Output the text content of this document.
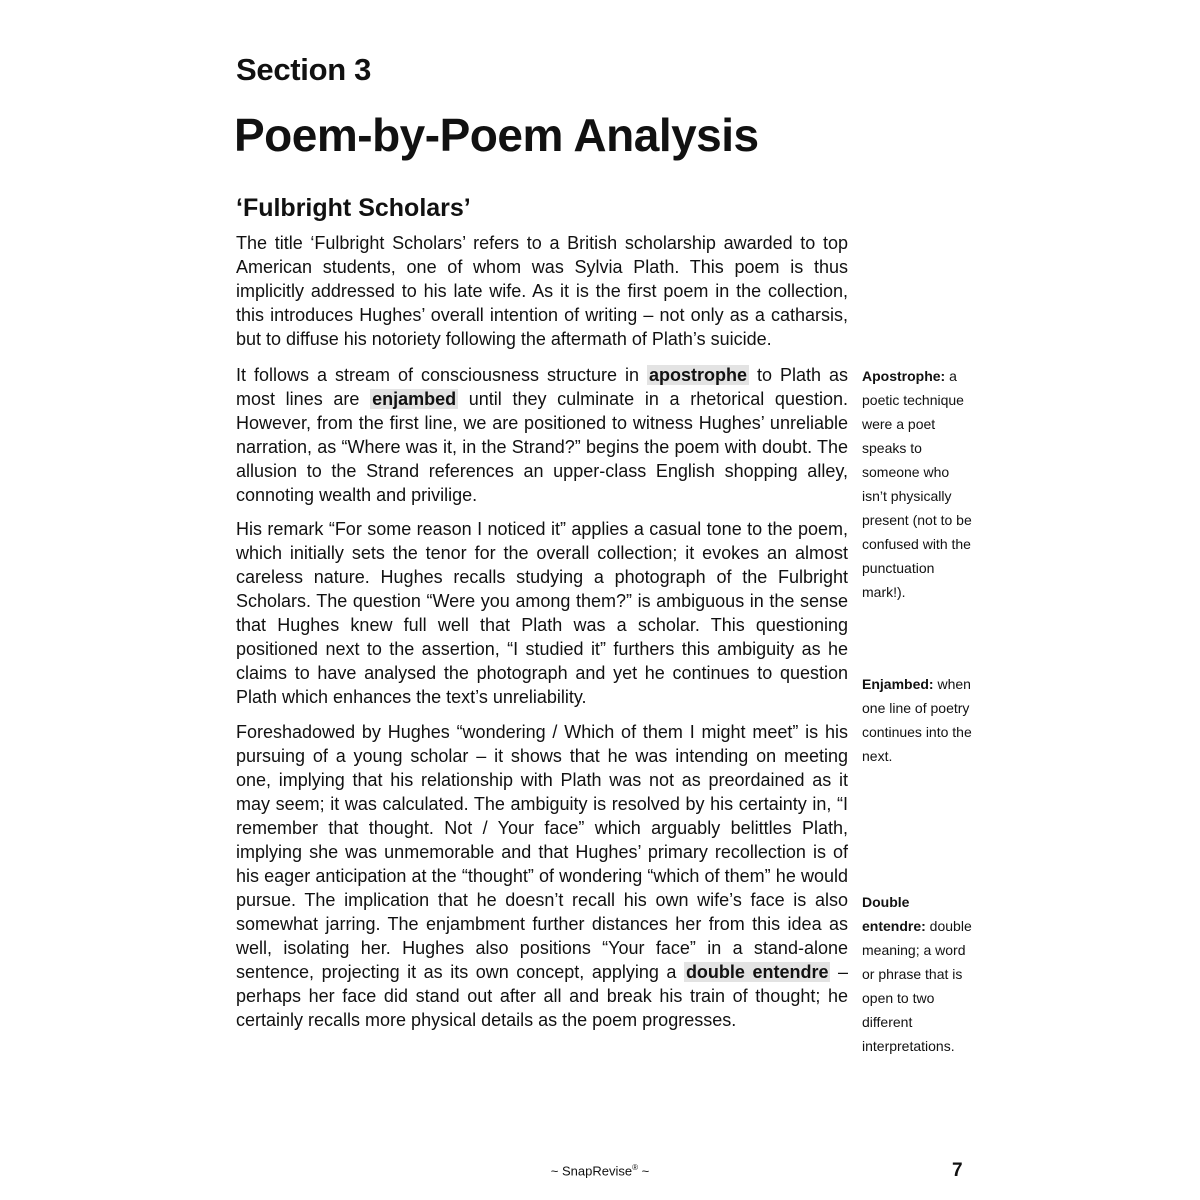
Section 3
Poem-by-Poem Analysis
‘Fulbright Scholars’

The title ‘Fulbright Scholars’ refers to a British scholarship awarded to top American students, one of whom was Sylvia Plath. This poem is thus implicitly addressed to his late wife. As it is the first poem in the collection, this introduces Hughes’ overall intention of writing – not only as a catharsis, but to diffuse his notoriety following the aftermath of Plath’s suicide.

It follows a stream of consciousness structure in apostrophe to Plath as most lines are enjambed until they culminate in a rhetorical question. However, from the first line, we are positioned to witness Hughes’ unreliable narration, as “Where was it, in the Strand?” begins the poem with doubt. The allusion to the Strand references an upper-class English shopping alley, connoting wealth and privilige.

His remark “For some reason I noticed it” applies a casual tone to the poem, which initially sets the tenor for the overall collection; it evokes an almost careless nature. Hughes recalls studying a photograph of the Fulbright Scholars. The question “Were you among them?” is ambiguous in the sense that Hughes knew full well that Plath was a scholar. This questioning positioned next to the assertion, “I studied it” furthers this ambiguity as he claims to have analysed the photograph and yet he continues to question Plath which enhances the text’s unreliability.

Foreshadowed by Hughes “wondering / Which of them I might meet” is his pursuing of a young scholar – it shows that he was intending on meeting one, implying that his relationship with Plath was not as preordained as it may seem; it was calculated. The ambiguity is resolved by his certainty in, “I remember that thought. Not / Your face” which arguably belittles Plath, implying she was unmemorable and that Hughes’ primary recollection is of his eager anticipation at the “thought” of wondering “which of them” he would pursue. The implication that he doesn’t recall his own wife’s face is also somewhat jarring. The enjambment further distances her from this idea as well, isolating her. Hughes also positions “Your face” in a stand-alone sentence, projecting it as its own concept, applying a double entendre – perhaps her face did stand out after all and break his train of thought; he certainly recalls more physical details as the poem progresses.

Apostrophe: a poetic technique were a poet speaks to someone who isn’t physically present (not to be confused with the punctuation mark!).

Enjambed: when one line of poetry continues into the next.

Double entendre: double meaning; a word or phrase that is open to two different interpretations.

~ SnapRevise® ~	7
